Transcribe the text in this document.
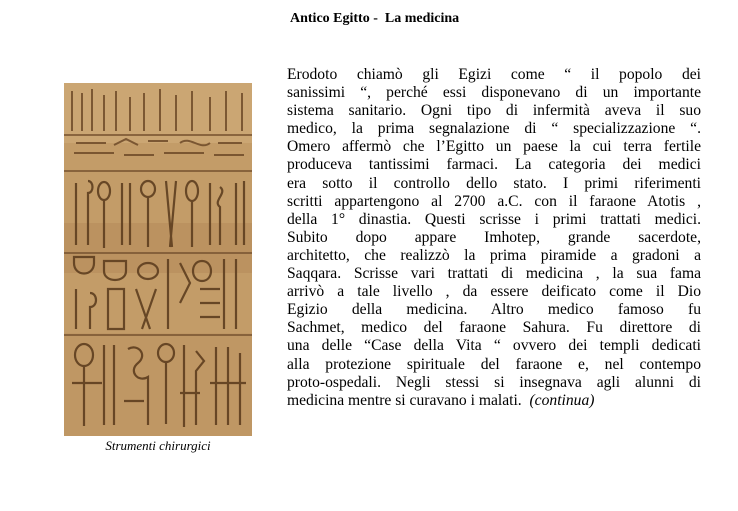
Antico Egitto -  La medicina
Strumenti chirurgici
Erodoto chiamò gli Egizi come “ il popolo dei
sanissimi “, perché essi disponevano di un importante
sistema sanitario. Ogni tipo di infermità aveva il suo
medico, la prima segnalazione di “ specializzazione “.
Omero affermò che l’Egitto un paese la cui terra fertile
produceva tantissimi farmaci. La categoria dei medici
era sotto il controllo dello stato. I primi riferimenti
scritti appartengono al 2700 a.C. con il faraone Atotis ,
della 1° dinastia. Questi scrisse i primi trattati medici.
Subito dopo appare Imhotep, grande sacerdote,
architetto, che realizzò la prima piramide a gradoni a
Saqqara. Scrisse vari trattati di medicina , la sua fama
arrivò a tale livello , da essere deificato come il Dio
Egizio della medicina. Altro medico famoso fu
Sachmet, medico del faraone Sahura. Fu direttore di
una delle “Case della Vita “ ovvero dei templi dedicati
alla protezione spirituale del faraone e, nel contempo
proto-ospedali. Negli stessi si insegnava agli alunni di
medicina mentre si curavano i malati. (continua)
